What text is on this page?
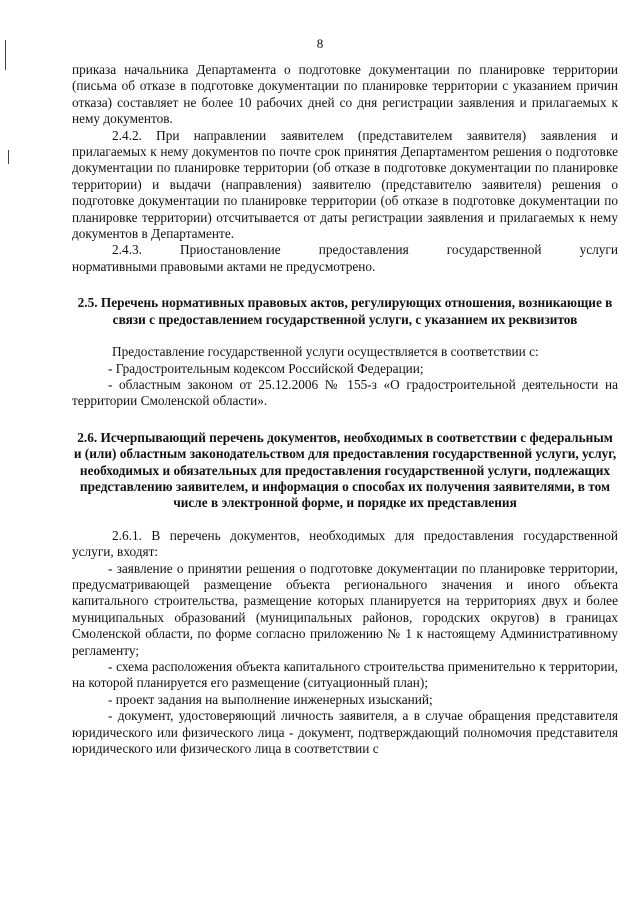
8

приказа начальника Департамента о подготовке документации по планировке территории (письма об отказе в подготовке документации по планировке территории с указанием причин отказа) составляет не более 10 рабочих дней со дня регистрации заявления и прилагаемых к нему документов.

2.4.2. При направлении заявителем (представителем заявителя) заявления и прилагаемых к нему документов по почте срок принятия Департаментом решения о подготовке документации по планировке территории (об отказе в подготовке документации по планировке территории) и выдачи (направления) заявителю (представителю заявителя) решения о подготовке документации по планировке территории (об отказе в подготовке документации по планировке территории) отсчитывается от даты регистрации заявления и прилагаемых к нему документов в Департаменте.

2.4.3. Приостановление предоставления государственной услуги

нормативными правовыми актами не предусмотрено.

2.5. Перечень нормативных правовых актов, регулирующих отношения, возникающие в связи с предоставлением государственной услуги, с указанием их реквизитов

Предоставление государственной услуги осуществляется в соответствии с:

- Градостроительным кодексом Российской Федерации;

- областным законом от 25.12.2006 № 155-з «О градостроительной деятельности на территории Смоленской области».

2.6. Исчерпывающий перечень документов, необходимых в соответствии с федеральным и (или) областным законодательством для предоставления государственной услуги, услуг, необходимых и обязательных для предоставления государственной услуги, подлежащих представлению заявителем, и информация о способах их получения заявителями, в том числе в электронной форме, и порядке их представления

2.6.1. В перечень документов, необходимых для предоставления государственной услуги, входят:

- заявление о принятии решения о подготовке документации по планировке территории, предусматривающей размещение объекта регионального значения и иного объекта капитального строительства, размещение которых планируется на территориях двух и более муниципальных образований (муниципальных районов, городских округов) в границах Смоленской области, по форме согласно приложению № 1 к настоящему Административному регламенту;

- схема расположения объекта капитального строительства применительно к территории, на которой планируется его размещение (ситуационный план);

- проект задания на выполнение инженерных изысканий;

- документ, удостоверяющий личность заявителя, а в случае обращения представителя юридического или физического лица - документ, подтверждающий полномочия представителя юридического или физического лица в соответствии с
